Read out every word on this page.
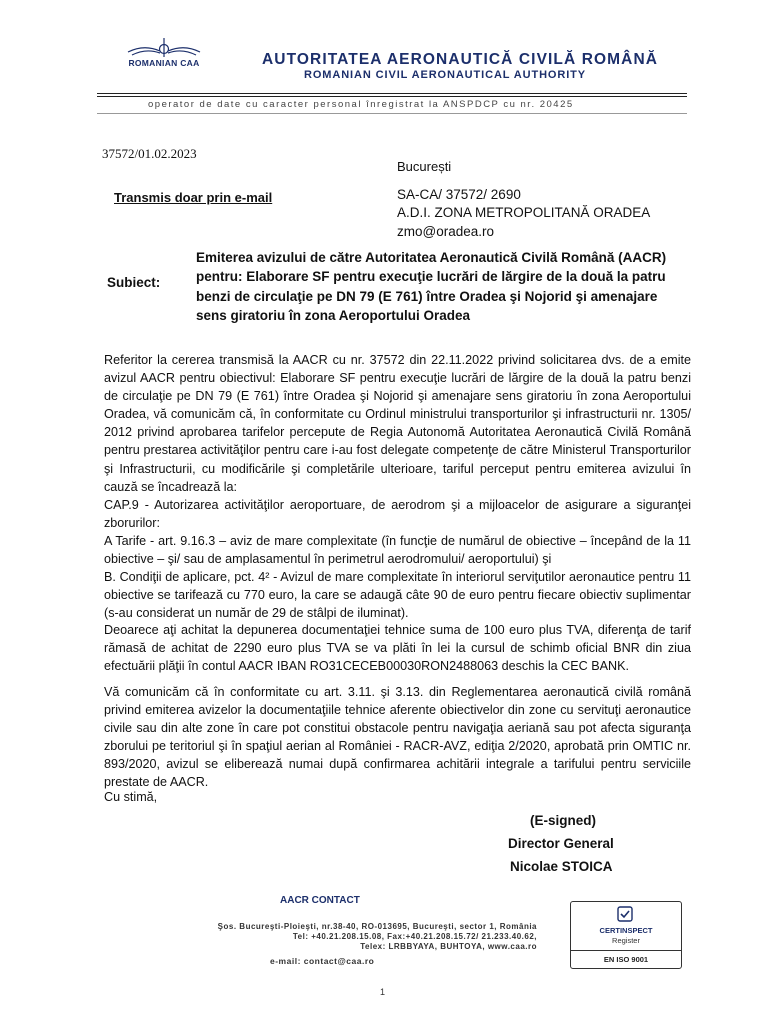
ROMANIAN CAA	AUTORITATEA AERONAUTICĂ CIVILĂ ROMÂNĂ
ROMANIAN CIVIL AERONAUTICAL AUTHORITY
operator de date cu caracter personal înregistrat la ANSPDCP cu nr. 20425
37572/01.02.2023
București
Transmis doar prin e-mail	SA-CA/ 37572/ 2690
A.D.I. ZONA METROPOLITANĂ ORADEA
zmo@oradea.ro
Subiect:
Emiterea avizului de către Autoritatea Aeronautică Civilă Română (AACR) pentru: Elaborare SF pentru execuţie lucrări de lărgire de la două la patru benzi de circulaţie pe DN 79 (E 761) între Oradea şi Nojorid şi amenajare sens giratoriu în zona Aeroportului Oradea
Referitor la cererea transmisă la AACR cu nr. 37572 din 22.11.2022 privind solicitarea dvs. de a emite avizul AACR pentru obiectivul: Elaborare SF pentru execuţie lucrări de lărgire de la două la patru benzi de circulaţie pe DN 79 (E 761) între Oradea şi Nojorid şi amenajare sens giratoriu în zona Aeroportului Oradea, vă comunicăm că, în conformitate cu Ordinul ministrului transporturilor şi infrastructurii nr. 1305/ 2012 privind aprobarea tarifelor percepute de Regia Autonomă Autoritatea Aeronautică Civilă Română pentru prestarea activităţilor pentru care i-au fost delegate competenţe de către Ministerul Transporturilor şi Infrastructurii, cu modificările şi completările ulterioare, tariful perceput pentru emiterea avizului în cauză se încadrează la:
CAP.9 - Autorizarea activităţilor aeroportuare, de aerodrom şi a mijloacelor de asigurare a siguranţei zborurilor:
A Tarife - art. 9.16.3 – aviz de mare complexitate (în funcţie de numărul de obiective – începând de la 11 obiective – şi/ sau de amplasamentul în perimetrul aerodromului/ aeroportului) şi
B. Condiţii de aplicare, pct. 4² - Avizul de mare complexitate în interiorul serviţutilor aeronautice pentru 11 obiective se tarifează cu 770 euro, la care se adaugă câte 90 de euro pentru fiecare obiectiv suplimentar (s-au considerat un număr de 29 de stâlpi de iluminat).
Deoarece aţi achitat la depunerea documentaţiei tehnice suma de 100 euro plus TVA, diferenţa de tarif rămasă de achitat de 2290 euro plus TVA se va plăti în lei la cursul de schimb oficial BNR din ziua efectuării plăţii în contul AACR IBAN RO31CECEB00030RON2488063 deschis la CEC BANK.
Vă comunicăm că în conformitate cu art. 3.11. şi 3.13. din Reglementarea aeronautică civilă română privind emiterea avizelor la documentaţiile tehnice aferente obiectivelor din zone cu servituţi aeronautice civile sau din alte zone în care pot constitui obstacole pentru navigaţia aeriană sau pot afecta siguranţa zborului pe teritoriul şi în spaţiul aerian al României - RACR-AVZ, ediţia 2/2020, aprobată prin OMTIC nr. 893/2020, avizul se eliberează numai după confirmarea achitării integrale a tarifului pentru serviciile prestate de AACR.
Cu stimă,
(E-signed)
Director General
Nicolae STOICA
AACR CONTACT
Şos. Bucureşti-Ploieşti, nr.38-40, RO-013695, Bucureşti, sector 1, România
Tel: +40.21.208.15.08, Fax:+40.21.208.15.72/ 21.233.40.62,
Telex: LRBBYAYA, BUHTOYA, www.caa.ro
e-mail: contact@caa.ro
CERTINSPECT
Register
EN ISO 9001
1
